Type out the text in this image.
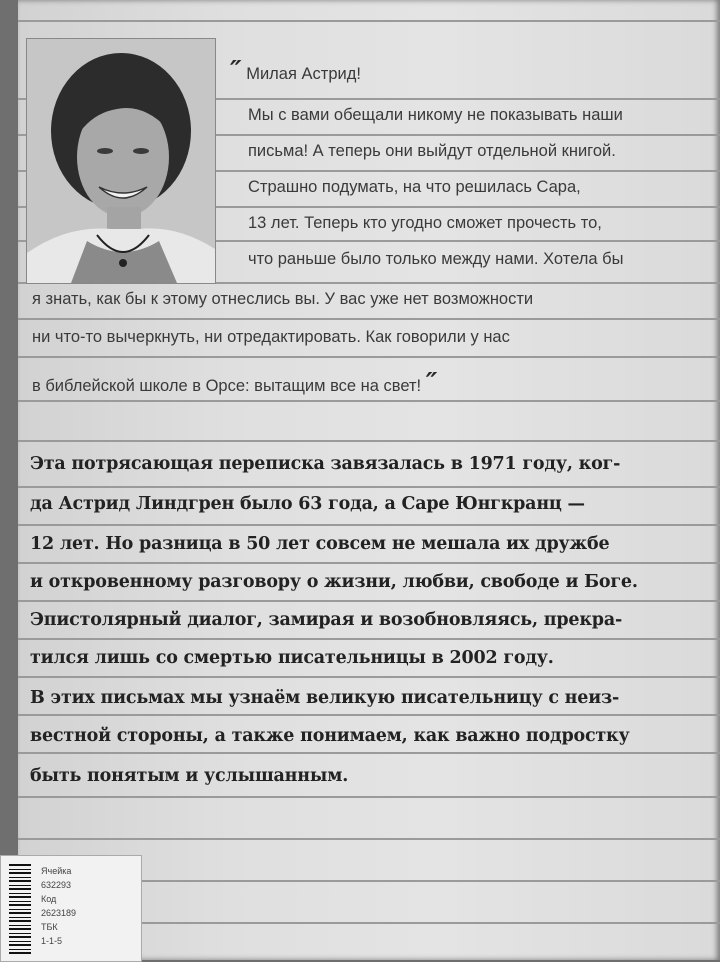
″ Милая Астрид!
Мы с вами обещали никому не показывать наши
письма! А теперь они выйдут отдельной книгой.
Страшно подумать, на что решилась Сара,
13 лет. Теперь кто угодно сможет прочесть то,
что раньше было только между нами. Хотела бы
я знать, как бы к этому отнеслись вы. У вас уже нет возможности
ни что-то вычеркнуть, ни отредактировать. Как говорили у нас
в библейской школе в Орсе: вытащим все на свет! ″
Эта потрясающая переписка завязалась в 1971 году, ког-
да Астрид Линдгрен было 63 года, а Саре Юнгкранц —
12 лет. Но разница в 50 лет совсем не мешала их дружбе
и откровенному разговору о жизни, любви, свободе и Боге.
Эпистолярный диалог, замирая и возобновляясь, прекра-
тился лишь со смертью писательницы в 2002 году.
В этих письмах мы узнаём великую писательницу с неиз-
вестной стороны, а также понимаем, как важно подростку
быть понятым и услышанным.
Ячейка
632293
Код
2623189
ТБК
1-1-5
